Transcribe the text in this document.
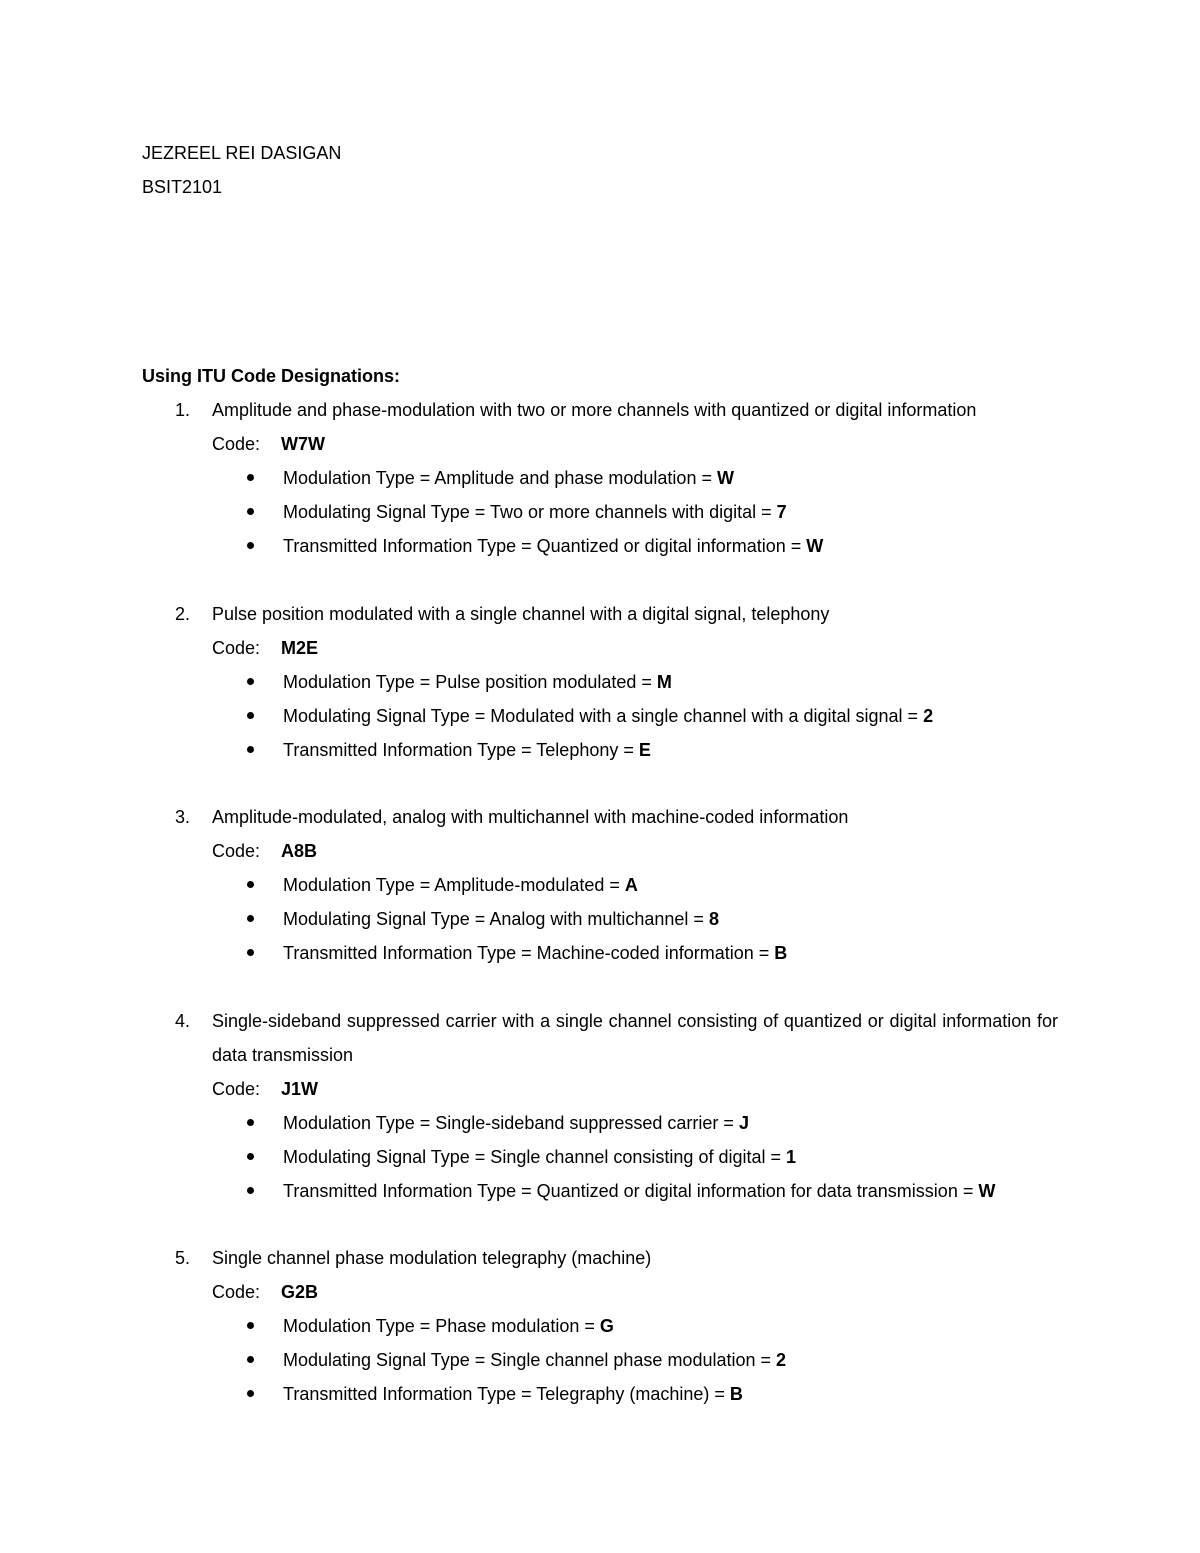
JEZREEL REI DASIGAN
BSIT2101
Using ITU Code Designations:
1. Amplitude and phase-modulation with two or more channels with quantized or digital information
Code: W7W
Modulation Type = Amplitude and phase modulation = W
Modulating Signal Type = Two or more channels with digital = 7
Transmitted Information Type = Quantized or digital information = W
2. Pulse position modulated with a single channel with a digital signal, telephony
Code: M2E
Modulation Type = Pulse position modulated = M
Modulating Signal Type = Modulated with a single channel with a digital signal = 2
Transmitted Information Type = Telephony = E
3. Amplitude-modulated, analog with multichannel with machine-coded information
Code: A8B
Modulation Type = Amplitude-modulated = A
Modulating Signal Type = Analog with multichannel = 8
Transmitted Information Type = Machine-coded information = B
4. Single-sideband suppressed carrier with a single channel consisting of quantized or digital information for data transmission
Code: J1W
Modulation Type = Single-sideband suppressed carrier = J
Modulating Signal Type = Single channel consisting of digital = 1
Transmitted Information Type = Quantized or digital information for data transmission = W
5. Single channel phase modulation telegraphy (machine)
Code: G2B
Modulation Type = Phase modulation = G
Modulating Signal Type = Single channel phase modulation = 2
Transmitted Information Type = Telegraphy (machine) = B
